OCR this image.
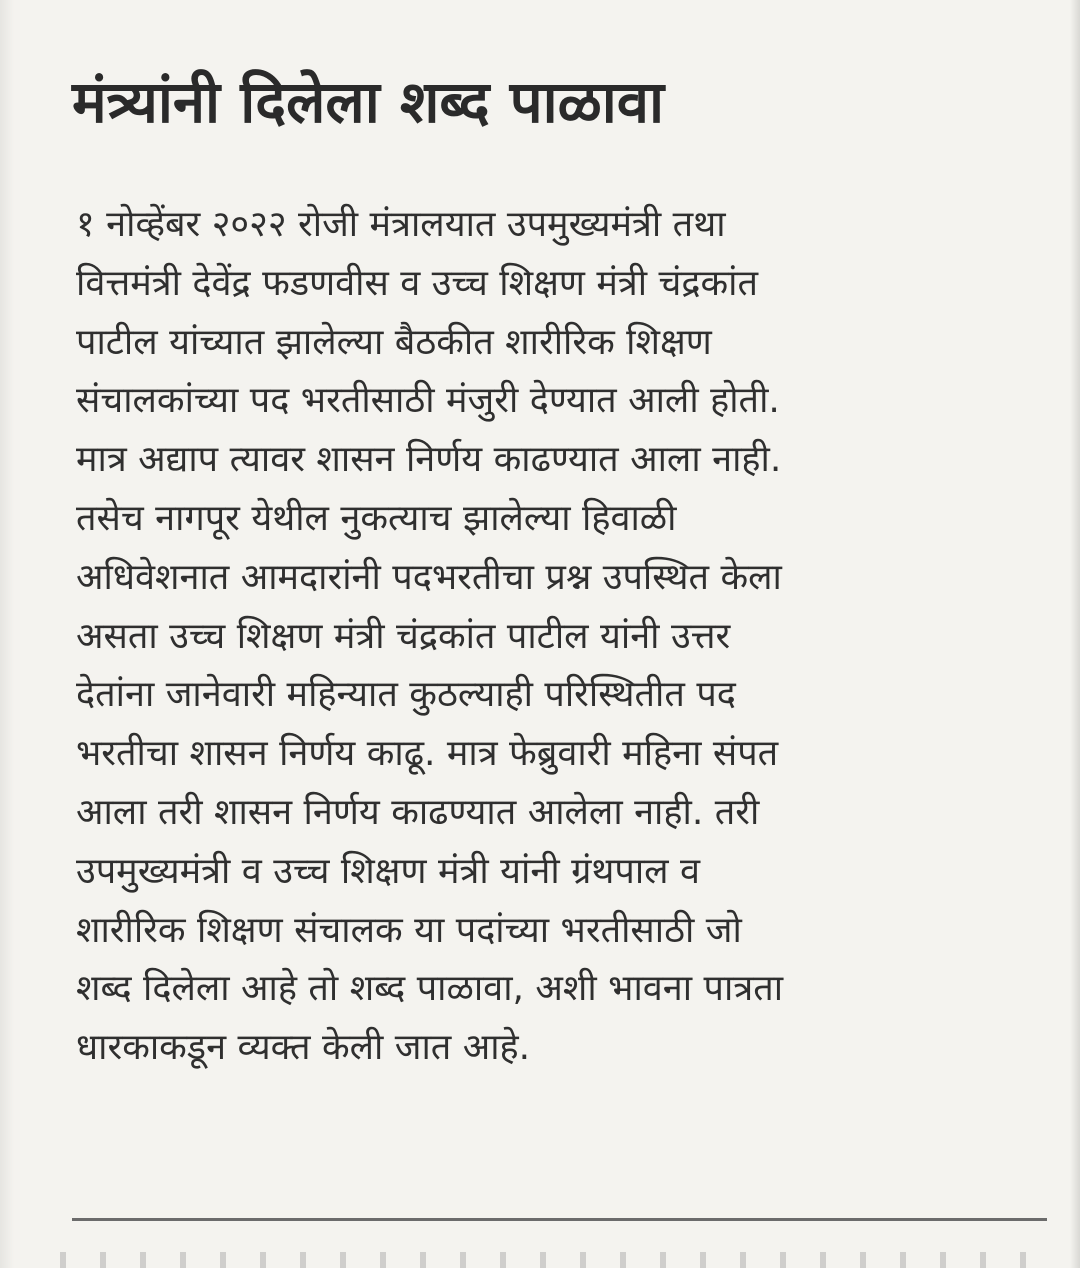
मंत्र्यांनी दिलेला शब्द पाळावा
१ नोव्हेंबर २०२२ रोजी मंत्रालयात उपमुख्यमंत्री तथा
वित्तमंत्री देवेंद्र फडणवीस व उच्च शिक्षण मंत्री चंद्रकांत
पाटील यांच्यात झालेल्या बैठकीत शारीरिक शिक्षण
संचालकांच्या पद भरतीसाठी मंजुरी देण्यात आली होती.
मात्र अद्याप त्यावर शासन निर्णय काढण्यात आला नाही.
तसेच नागपूर येथील नुकत्याच झालेल्या हिवाळी
अधिवेशनात आमदारांनी पदभरतीचा प्रश्न उपस्थित केला
असता उच्च शिक्षण मंत्री चंद्रकांत पाटील यांनी उत्तर
देतांना जानेवारी महिन्यात कुठल्याही परिस्थितीत पद
भरतीचा शासन निर्णय काढू. मात्र फेब्रुवारी महिना संपत
आला तरी शासन निर्णय काढण्यात आलेला नाही. तरी
उपमुख्यमंत्री व उच्च शिक्षण मंत्री यांनी ग्रंथपाल व
शारीरिक शिक्षण संचालक या पदांच्या भरतीसाठी जो
शब्द दिलेला आहे तो शब्द पाळावा, अशी भावना पात्रता
धारकाकडून व्यक्त केली जात आहे.
